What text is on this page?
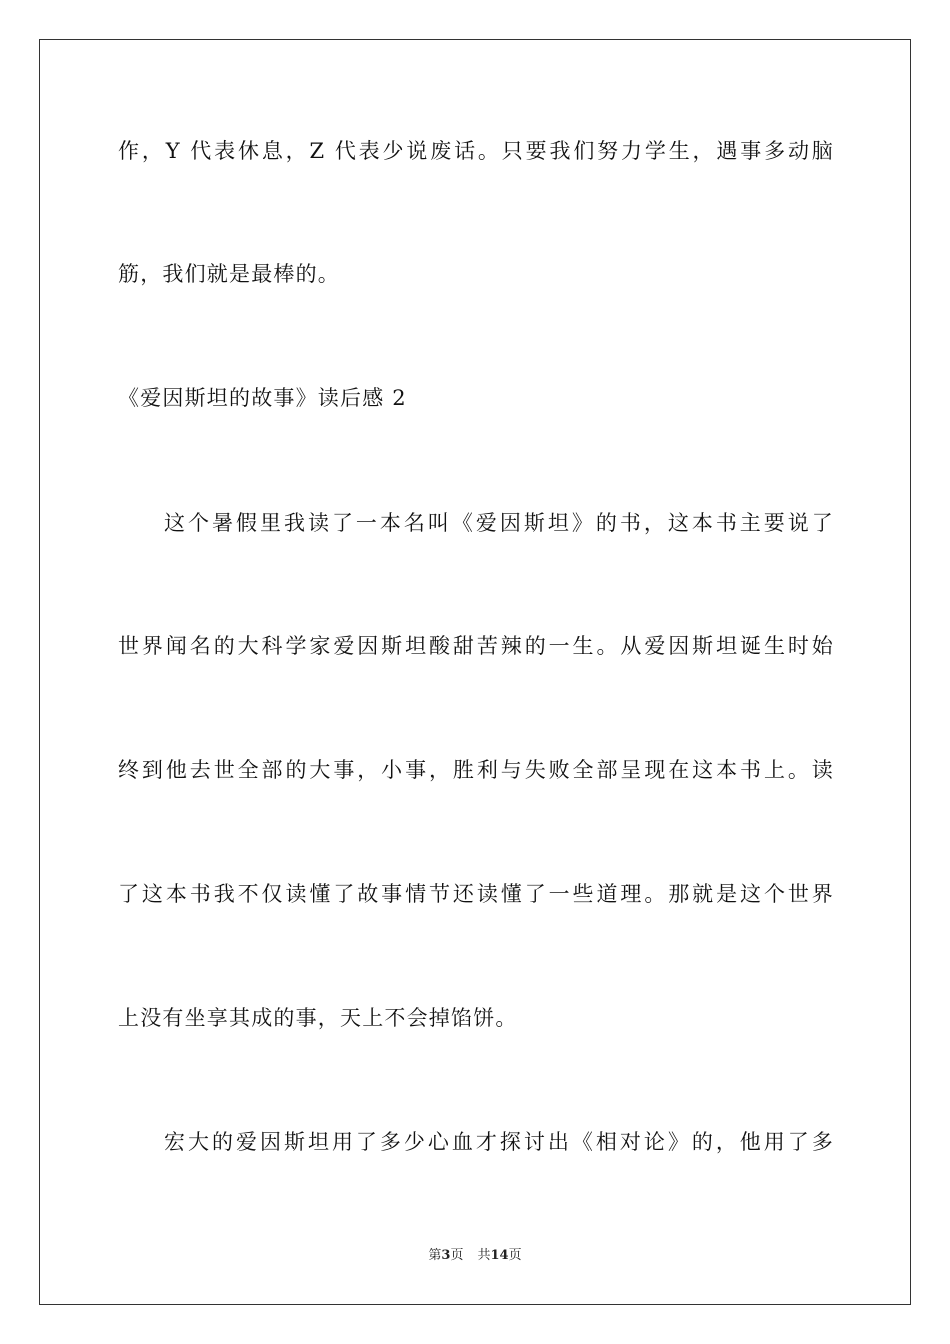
作，Y 代表休息，Z 代表少说废话。只要我们努力学生，遇事多动脑
筋，我们就是最棒的。
《爱因斯坦的故事》读后感 2
这个暑假里我读了一本名叫《爱因斯坦》的书，这本书主要说了
世界闻名的大科学家爱因斯坦酸甜苦辣的一生。从爱因斯坦诞生时始
终到他去世全部的大事，小事，胜利与失败全部呈现在这本书上。读
了这本书我不仅读懂了故事情节还读懂了一些道理。那就是这个世界
上没有坐享其成的事，天上不会掉馅饼。
宏大的爱因斯坦用了多少心血才探讨出《相对论》的，他用了多
第3页 共14页
